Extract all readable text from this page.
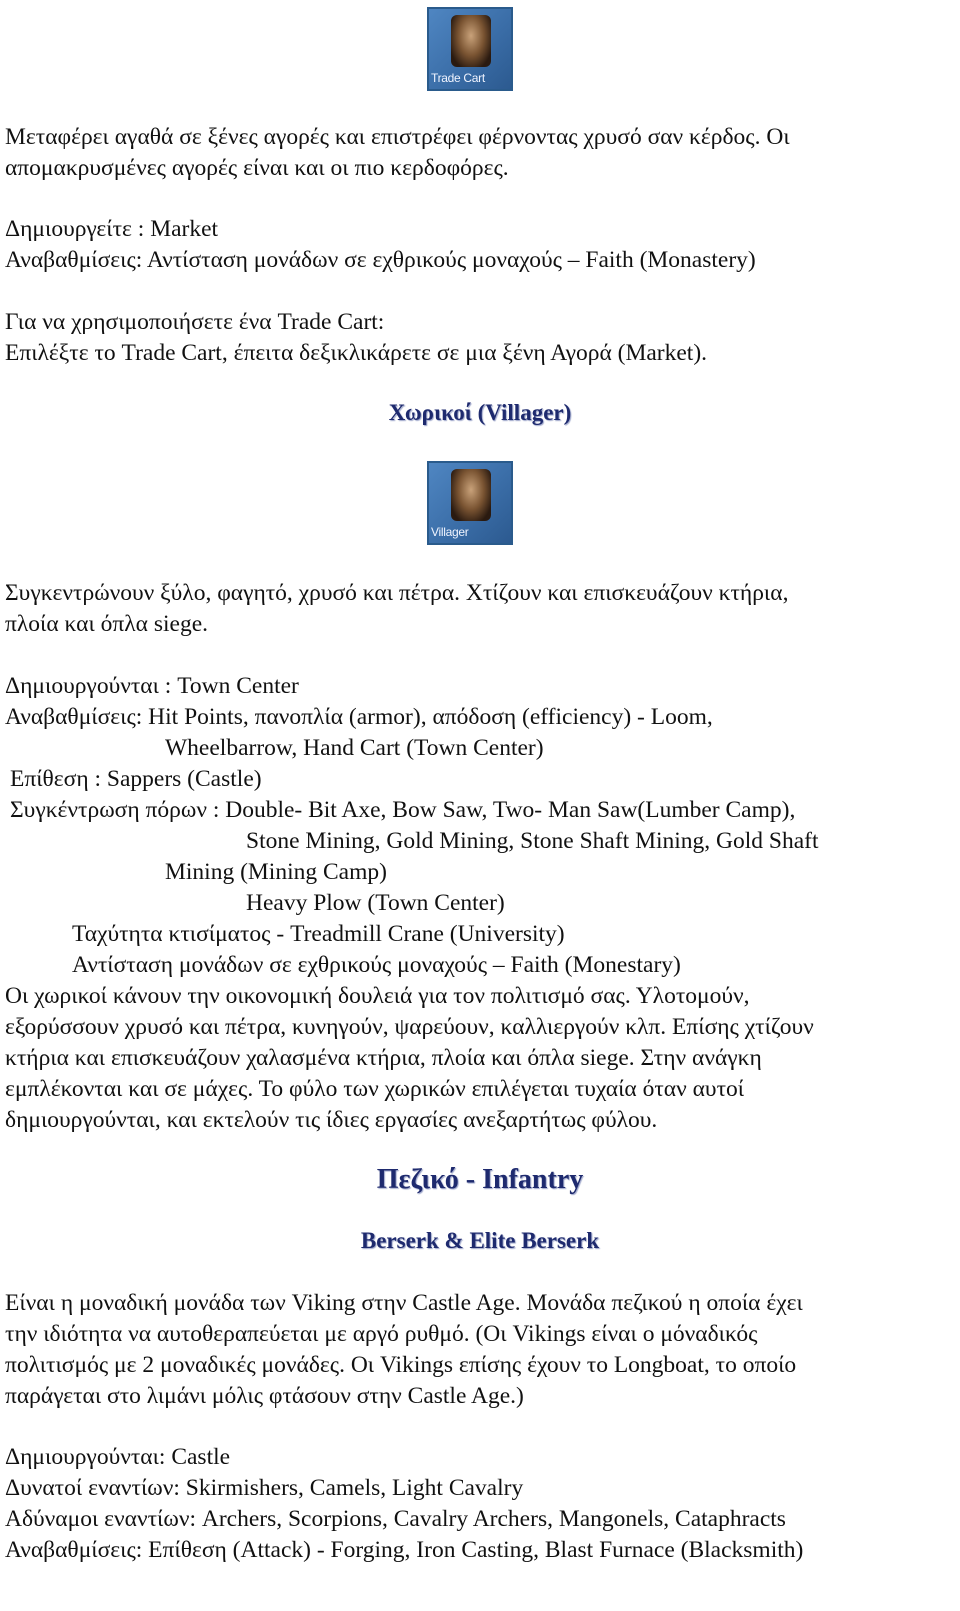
Trade Cart
Μεταφέρει αγαθά σε ξένες αγορές και επιστρέφει φέρνοντας χρυσό σαν κέρδος. Οι
απομακρυσμένες αγορές είναι και οι πιο κερδοφόρες.
Δημιουργείτε : Market
Αναβαθμίσεις: Αντίσταση μονάδων σε εχθρικούς μοναχούς – Faith (Monastery)
Για να χρησιμοποιήσετε ένα Trade Cart:
Επιλέξτε το Trade Cart, έπειτα δεξικλικάρετε σε μια ξένη Αγορά (Market).
Χωρικοί (Villager)
Villager
Συγκεντρώνουν ξύλο, φαγητό, χρυσό και πέτρα. Χτίζουν και επισκευάζουν κτήρια,
πλοία και όπλα siege.
Δημιουργούνται : Town Center
Αναβαθμίσεις: Hit Points, πανοπλία (armor), απόδοση (efficiency) - Loom,
Wheelbarrow, Hand Cart (Town Center)
Επίθεση : Sappers (Castle)
Συγκέντρωση πόρων : Double- Bit Axe, Bow Saw, Two- Man Saw(Lumber Camp),
Stone Mining, Gold Mining, Stone Shaft Mining, Gold Shaft
Mining (Mining Camp)
Heavy Plow (Town Center)
Ταχύτητα κτισίματος - Treadmill Crane (University)
Αντίσταση μονάδων σε εχθρικούς μοναχούς – Faith (Monestary)
Οι χωρικοί κάνουν την οικονομική δουλειά για τον πολιτισμό σας. Υλοτομούν,
εξορύσσουν χρυσό και πέτρα, κυνηγούν, ψαρεύουν, καλλιεργούν κλπ. Επίσης χτίζουν
κτήρια και επισκευάζουν χαλασμένα κτήρια, πλοία και όπλα siege. Στην ανάγκη
εμπλέκονται και σε μάχες. Το φύλο των χωρικών επιλέγεται τυχαία όταν αυτοί
δημιουργούνται, και εκτελούν τις ίδιες εργασίες ανεξαρτήτως φύλου.
Πεζικό - Infantry
Berserk & Elite Berserk
Είναι η μοναδική μονάδα των Viking στην Castle Age. Μονάδα πεζικού η οποία έχει
την ιδιότητα να αυτοθεραπεύεται με αργό ρυθμό. (Οι Vikings είναι ο μόναδικός
πολιτισμός με 2 μοναδικές μονάδες. Οι Vikings επίσης έχουν το Longboat, το οποίο
παράγεται στο λιμάνι μόλις φτάσουν στην Castle Age.)
Δημιουργούνται: Castle
Δυνατοί εναντίων: Skirmishers, Camels, Light Cavalry
Αδύναμοι εναντίων: Archers, Scorpions, Cavalry Archers, Mangonels, Cataphracts
Αναβαθμίσεις: Επίθεση (Attack) - Forging, Iron Casting, Blast Furnace (Blacksmith)
